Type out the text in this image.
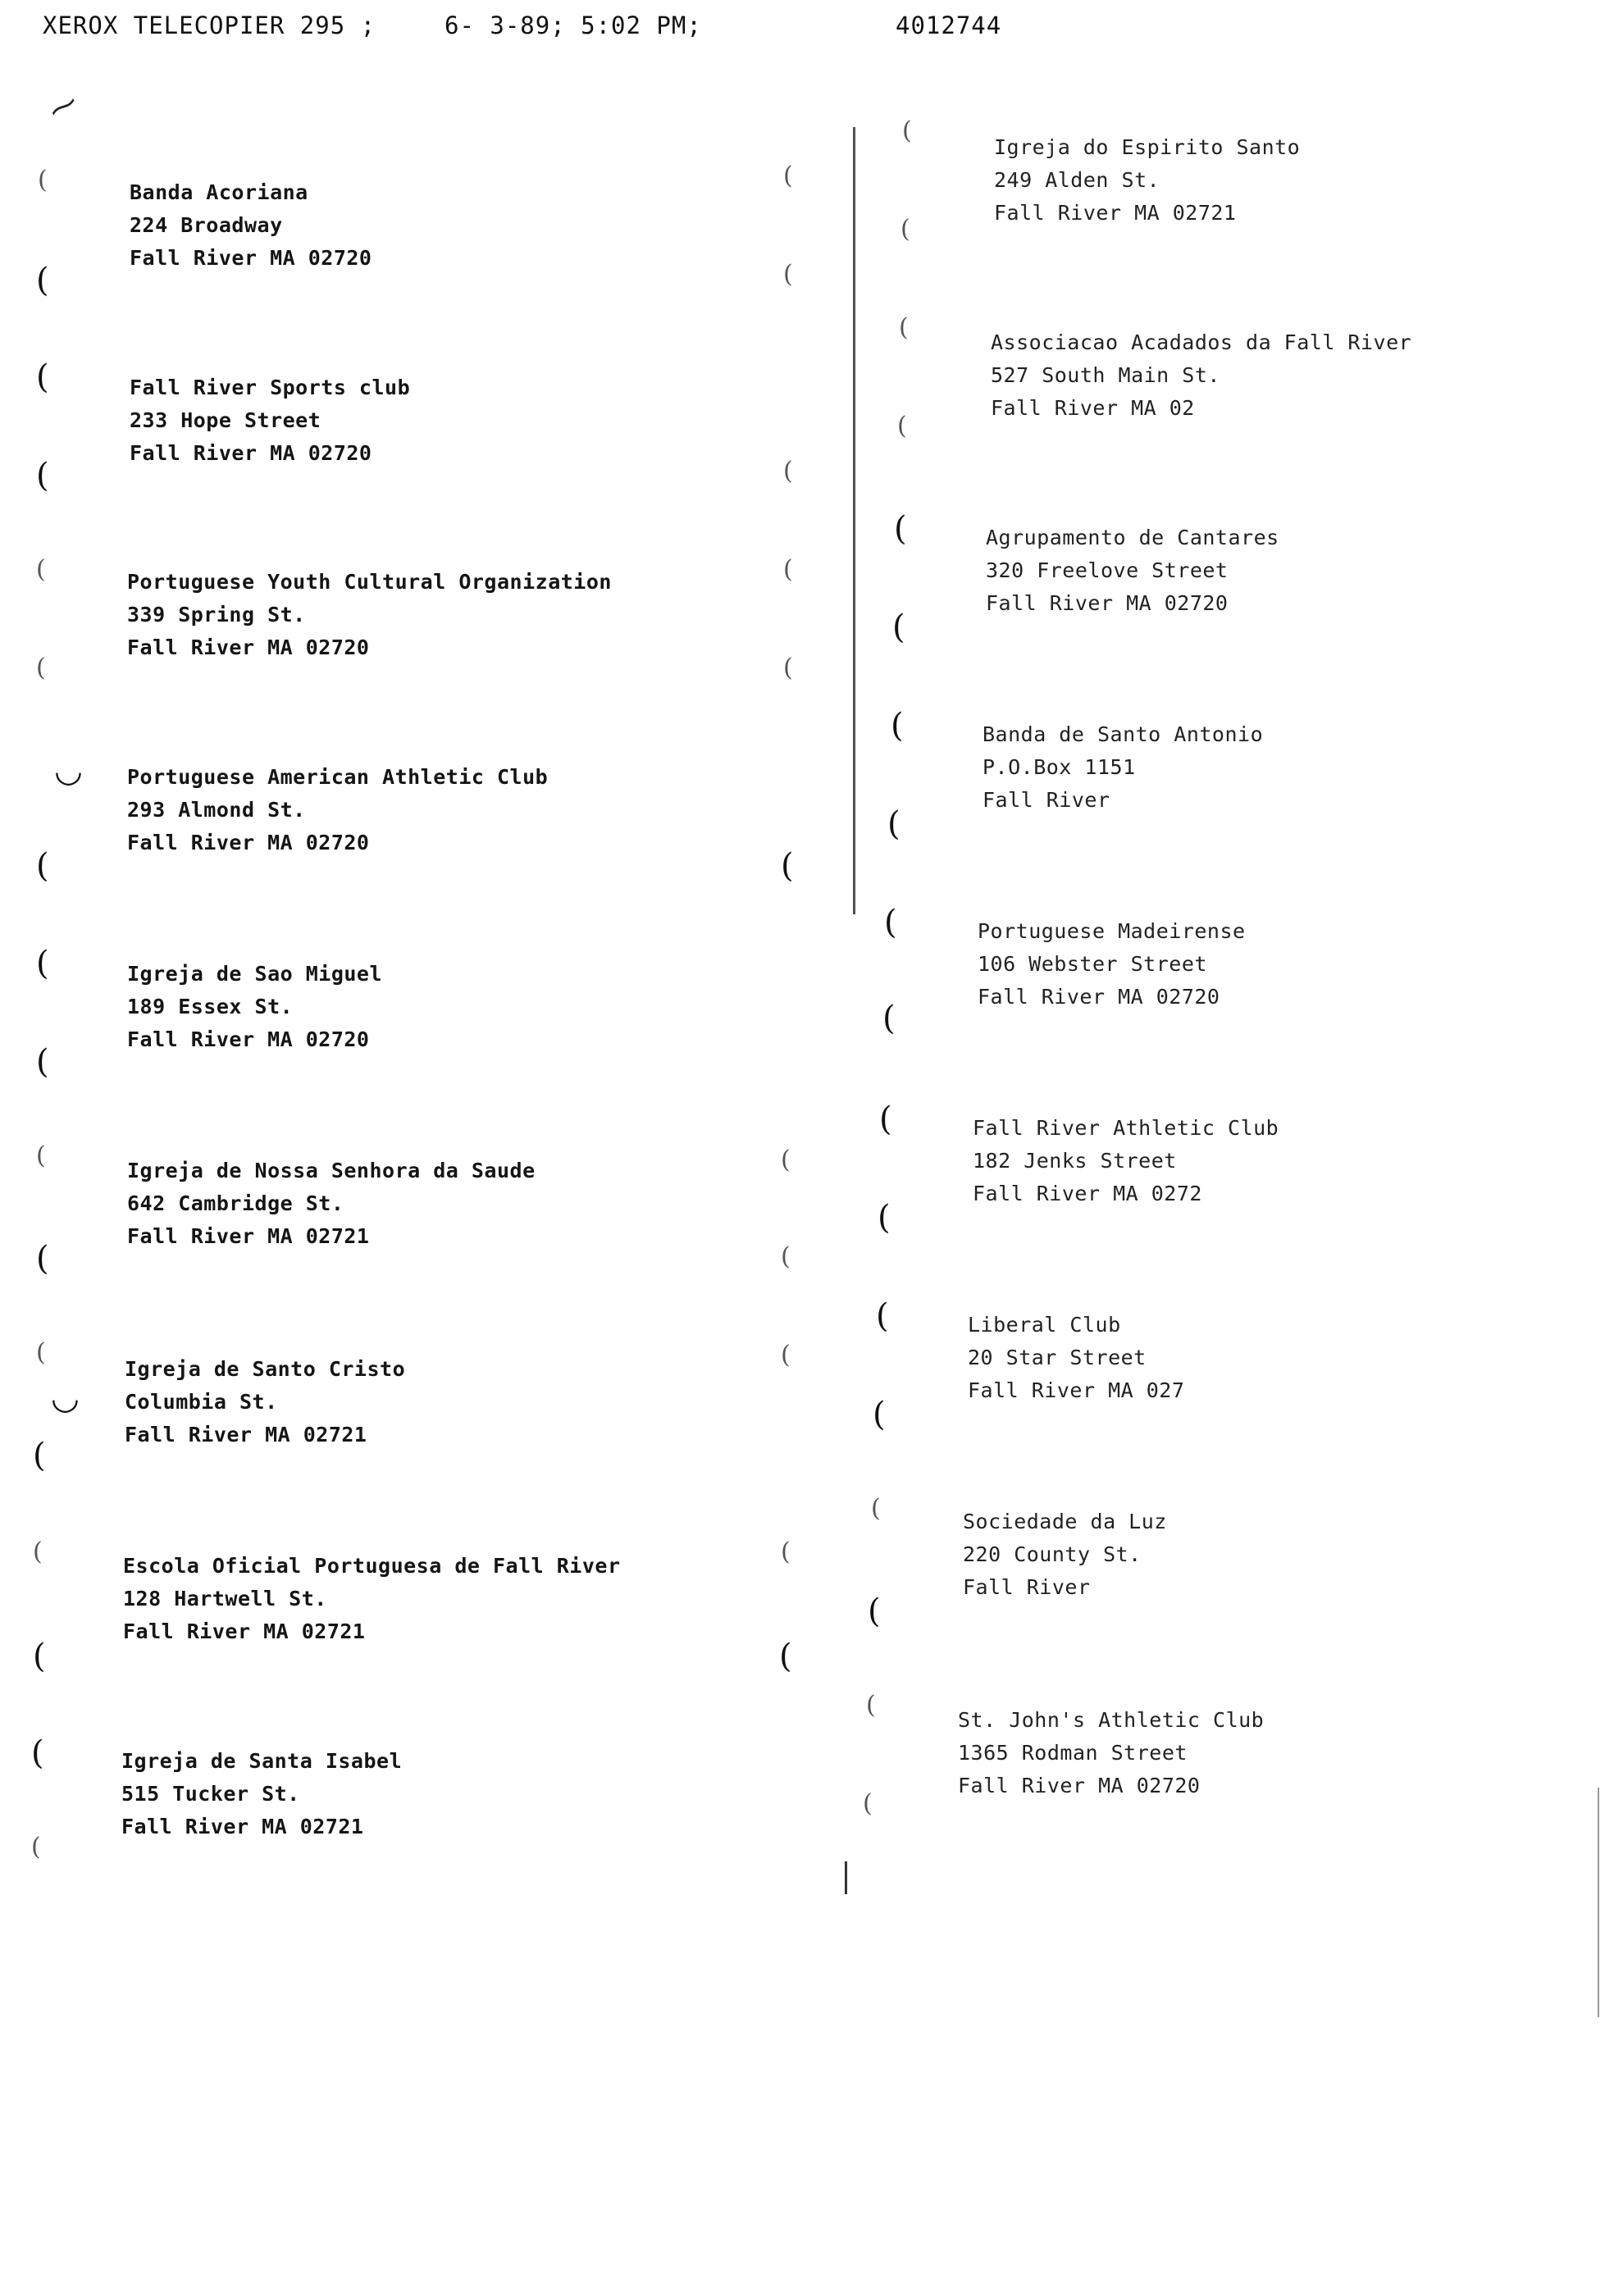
XEROX TELECOPIER 295 ;	6- 3-89; 5:02 PM;	4012744
Banda Acoriana
224 Broadway
Fall River MA 02720
Fall River Sports club
233 Hope Street
Fall River MA 02720
Portuguese Youth Cultural Organization
339 Spring St.
Fall River MA 02720
Portuguese American Athletic Club
293 Almond St.
Fall River MA 02720
Igreja de Sao Miguel
189 Essex St.
Fall River MA 02720
Igreja de Nossa Senhora da Saude
642 Cambridge St.
Fall River MA 02721
Igreja de Santo Cristo
Columbia St.
Fall River MA 02721
Escola Oficial Portuguesa de Fall River
128 Hartwell St.
Fall River MA 02721
Igreja de Santa Isabel
515 Tucker St.
Fall River MA 02721
Igreja do Espirito Santo
249 Alden St.
Fall River MA 02721
Associacao Acadados da Fall River
527 South Main St.
Fall River MA 02
Agrupamento de Cantares
320 Freelove Street
Fall River MA 02720
Banda de Santo Antonio
P.O.Box 1151
Fall River
Portuguese Madeirense
106 Webster Street
Fall River MA 02720
Fall River Athletic Club
182 Jenks Street
Fall River MA 0272
Liberal Club
20 Star Street
Fall River MA 027
Sociedade da Luz
220 County St.
Fall River
St. John's Athletic Club
1365 Rodman Street
Fall River MA 02720
⁓
(
(
(
(
(
(
◡
(
(
(
(
(
(
◡
(
(
(
(
(
(
(
(
(
(
(
(
(
(
(
(
(
(
(
(
(
(
(
(
(
(
(
(
(
(
(
(
(
(
